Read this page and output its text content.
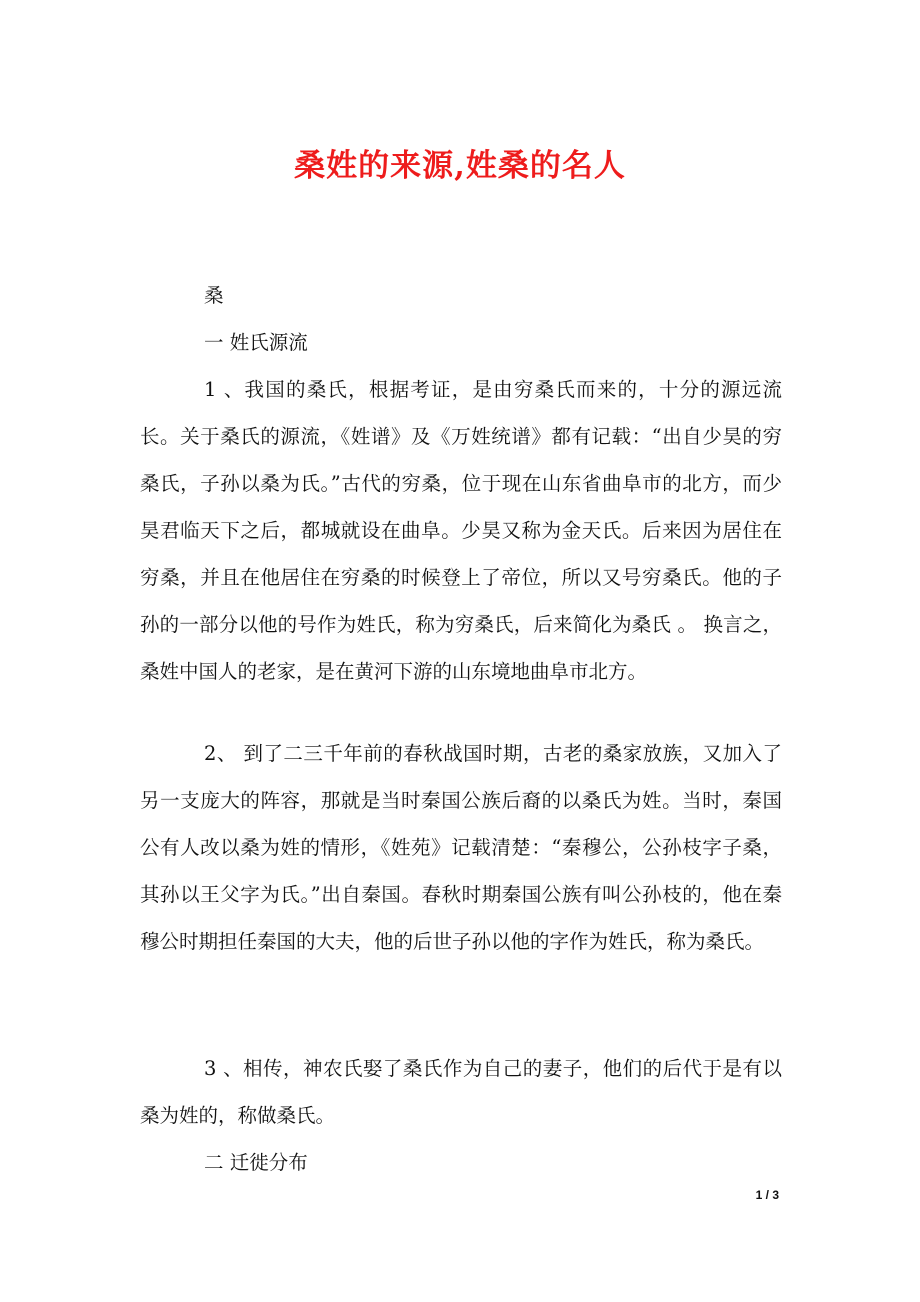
桑姓的来源,姓桑的名人
桑
一 姓氏源流
1 、我国的桑氏，根据考证，是由穷桑氏而来的，十分的源远流长。关于桑氏的源流，《姓谱》及《万姓统谱》都有记载：“出自少昊的穷桑氏，子孙以桑为氏。”古代的穷桑，位于现在山东省曲阜市的北方，而少昊君临天下之后，都城就设在曲阜。少昊又称为金天氏。后来因为居住在穷桑，并且在他居住在穷桑的时候登上了帝位，所以又号穷桑氏。他的子孙的一部分以他的号作为姓氏，称为穷桑氏，后来简化为桑氏 。 换言之，桑姓中国人的老家，是在黄河下游的山东境地曲阜市北方。
2、 到了二三千年前的春秋战国时期，古老的桑家放族，又加入了另一支庞大的阵容，那就是当时秦国公族后裔的以桑氏为姓。当时，秦国公有人改以桑为姓的情形，《姓苑》记载清楚：“秦穆公，公孙枝字子桑，其孙以王父字为氏。”出自秦国。春秋时期秦国公族有叫公孙枝的，他在秦穆公时期担任秦国的大夫，他的后世子孙以他的字作为姓氏，称为桑氏。
3 、相传，神农氏娶了桑氏作为自己的妻子，他们的后代于是有以桑为姓的，称做桑氏。
二 迁徙分布
1 / 3
